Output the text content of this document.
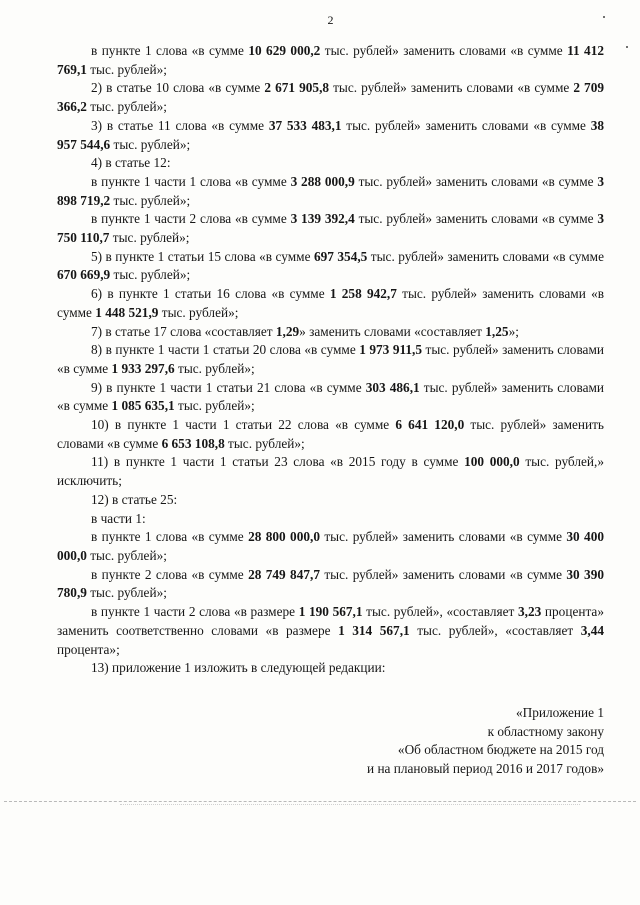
2

в пункте 1 слова «в сумме 10 629 000,2 тыс. рублей» заменить словами «в сумме 11 412 769,1 тыс. рублей»;

2) в статье 10 слова «в сумме 2 671 905,8 тыс. рублей» заменить словами «в сумме 2 709 366,2 тыс. рублей»;

3) в статье 11 слова «в сумме 37 533 483,1 тыс. рублей» заменить словами «в сумме 38 957 544,6 тыс. рублей»;

4) в статье 12:

в пункте 1 части 1 слова «в сумме 3 288 000,9 тыс. рублей» заменить словами «в сумме 3 898 719,2 тыс. рублей»;

в пункте 1 части 2 слова «в сумме 3 139 392,4 тыс. рублей» заменить словами «в сумме 3 750 110,7 тыс. рублей»;

5) в пункте 1 статьи 15 слова «в сумме 697 354,5 тыс. рублей» заменить словами «в сумме 670 669,9 тыс. рублей»;

6) в пункте 1 статьи 16 слова «в сумме 1 258 942,7 тыс. рублей» заменить словами «в сумме 1 448 521,9 тыс. рублей»;

7) в статье 17 слова «составляет 1,29» заменить словами «составляет 1,25»;

8) в пункте 1 части 1 статьи 20 слова «в сумме 1 973 911,5 тыс. рублей» заменить словами «в сумме 1 933 297,6 тыс. рублей»;

9) в пункте 1 части 1 статьи 21 слова «в сумме 303 486,1 тыс. рублей» заменить словами «в сумме 1 085 635,1 тыс. рублей»;

10) в пункте 1 части 1 статьи 22 слова «в сумме 6 641 120,0 тыс. рублей» заменить словами «в сумме 6 653 108,8 тыс. рублей»;

11) в пункте 1 части 1 статьи 23 слова «в 2015 году в сумме 100 000,0 тыс. рублей,» исключить;

12) в статье 25:

в части 1:

в пункте 1 слова «в сумме 28 800 000,0 тыс. рублей» заменить словами «в сумме 30 400 000,0 тыс. рублей»;

в пункте 2 слова «в сумме 28 749 847,7 тыс. рублей» заменить словами «в сумме 30 390 780,9 тыс. рублей»;

в пункте 1 части 2 слова «в размере 1 190 567,1 тыс. рублей», «составляет 3,23 процента» заменить соответственно словами «в размере 1 314 567,1 тыс. рублей», «составляет 3,44 процента»;

13) приложение 1 изложить в следующей редакции:

«Приложение 1
к областному закону
«Об областном бюджете на 2015 год
и на плановый период 2016 и 2017 годов»
